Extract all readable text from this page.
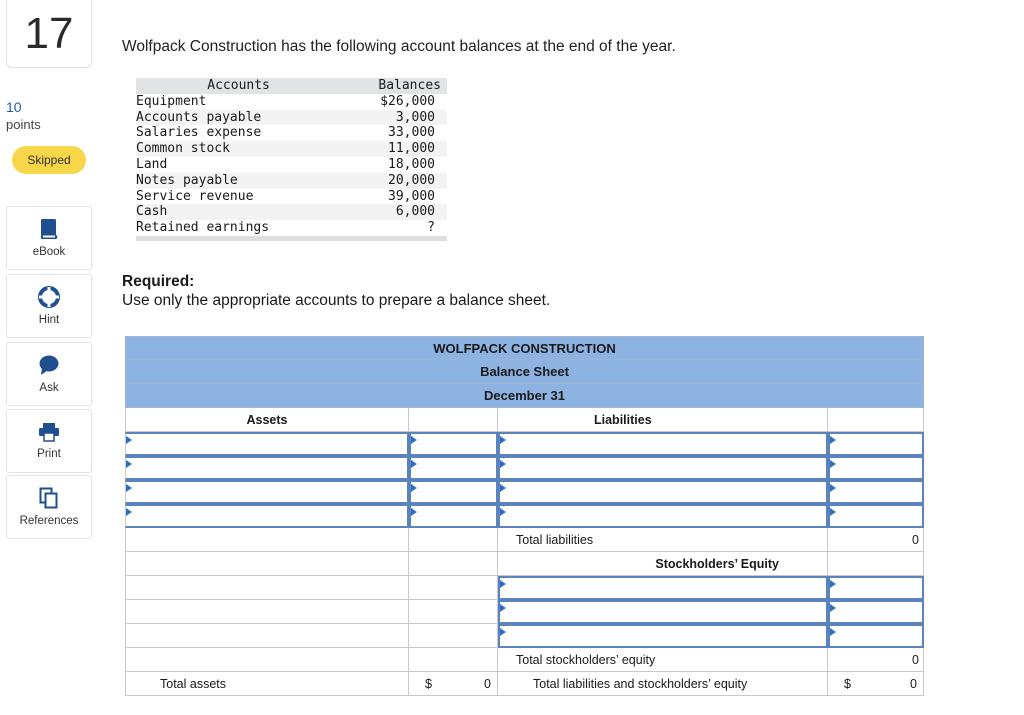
17
10
points
Skipped
eBook
Hint
Ask
Print
References
Wolfpack Construction has the following account balances at the end of the year.
Accounts	Balances
Equipment	$26,000
Accounts payable	3,000
Salaries expense	33,000
Common stock	11,000
Land	18,000
Notes payable	20,000
Service revenue	39,000
Cash	6,000
Retained earnings	?
Required:
Use only the appropriate accounts to prepare a balance sheet.
WOLFPACK CONSTRUCTION
Balance Sheet
December 31
Assets	Liabilities
Total liabilities	0
Stockholders’ Equity
Total stockholders’ equity	0
Total assets	$	0	Total liabilities and stockholders’ equity	$	0
